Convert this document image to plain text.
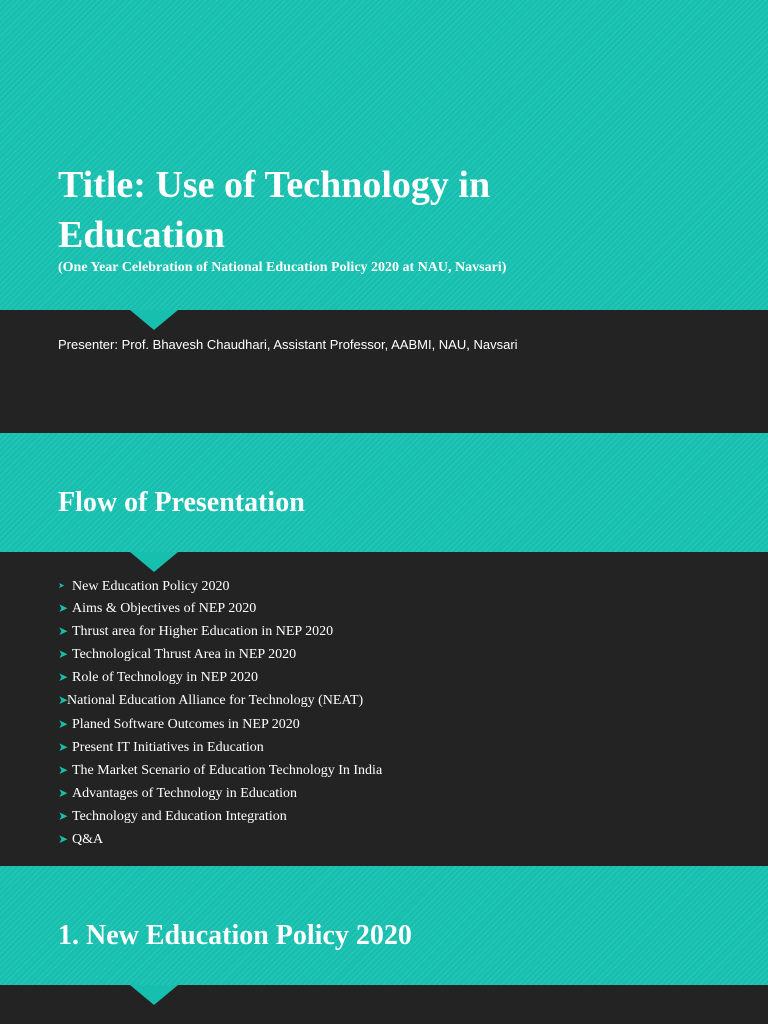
Title: Use of Technology in
Education

(One Year Celebration of National Education Policy 2020 at NAU, Navsari)

Presenter: Prof. Bhavesh Chaudhari, Assistant Professor, AABMI, NAU, Navsari

Flow of Presentation
➤ New Education Policy 2020
➤ Aims & Objectives of NEP 2020
➤ Thrust area for Higher Education in NEP 2020
➤ Technological Thrust Area in NEP 2020
➤ Role of Technology in NEP 2020
➤National Education Alliance for Technology (NEAT)
➤ Planed Software Outcomes in NEP 2020
➤ Present IT Initiatives in Education
➤ The Market Scenario of Education Technology In India
➤ Advantages of Technology in Education
➤ Technology and Education Integration
➤ Q&A
1. New Education Policy 2020
